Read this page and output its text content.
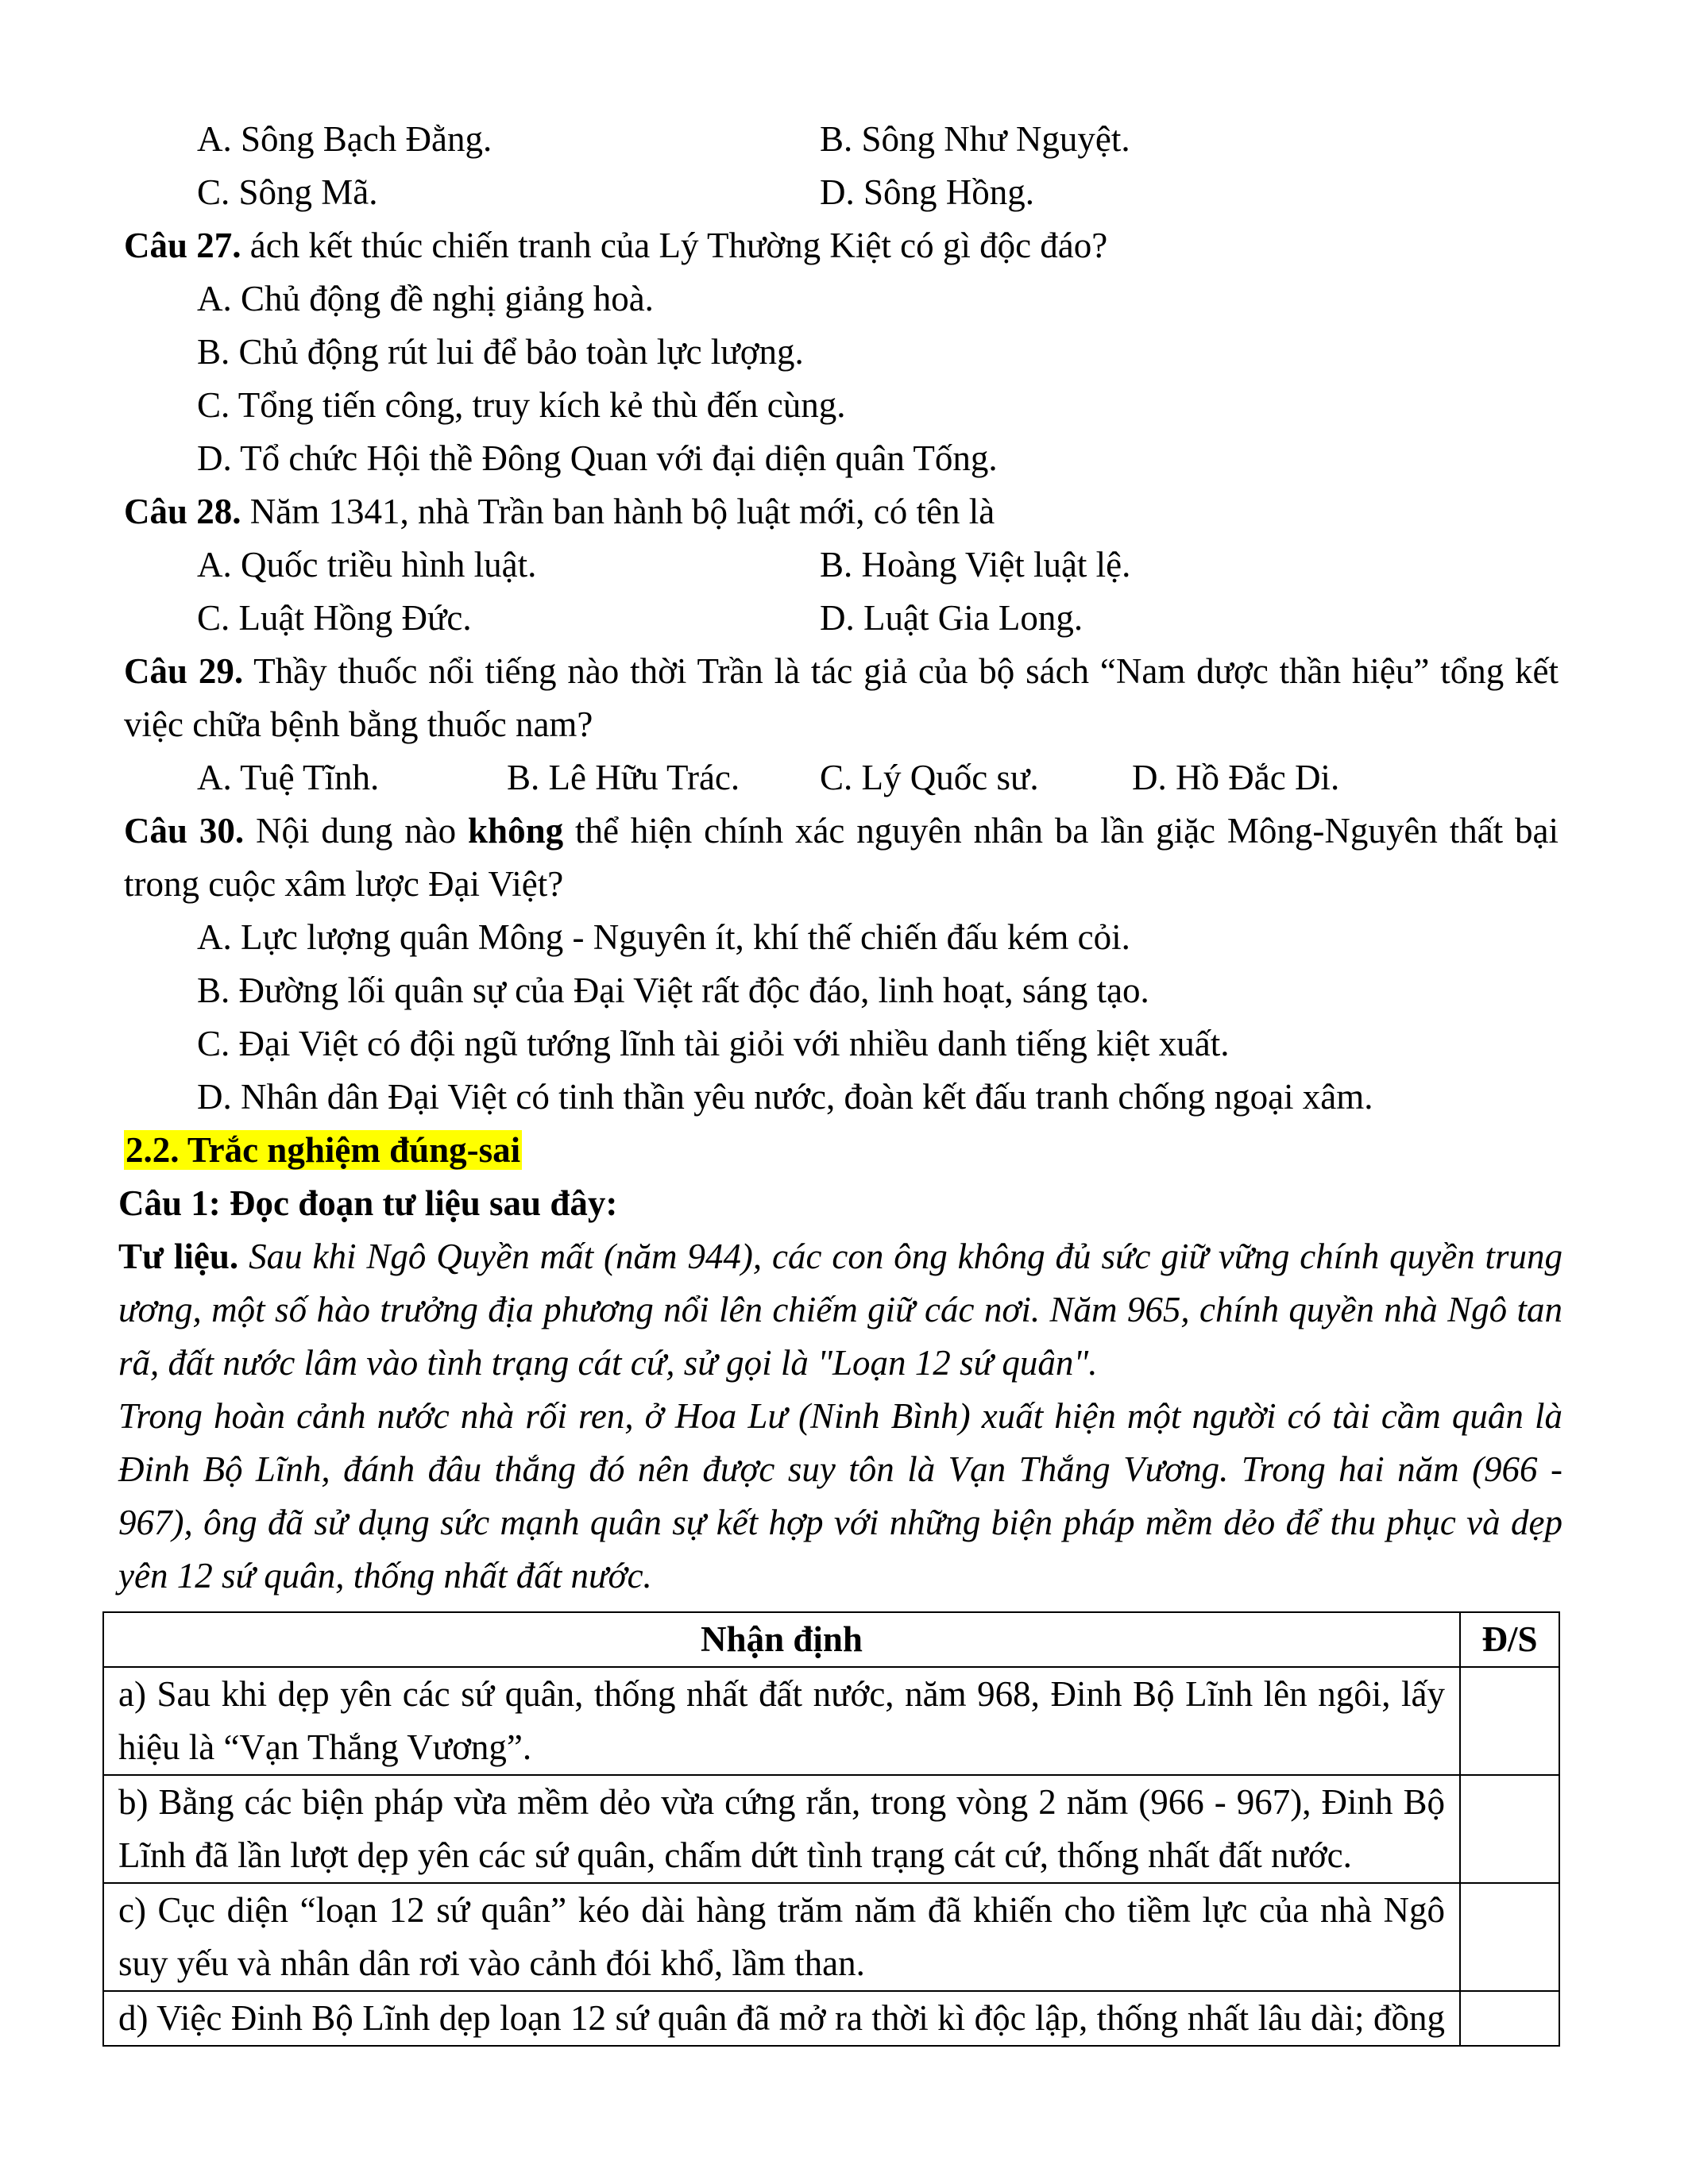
A. Sông Bạch Đằng.	B. Sông Như Nguyệt.
C. Sông Mã.	D. Sông Hồng.
Câu 27. ách kết thúc chiến tranh của Lý Thường Kiệt có gì độc đáo?
A. Chủ động đề nghị giảng hoà.
B. Chủ động rút lui để bảo toàn lực lượng.
C. Tổng tiến công, truy kích kẻ thù đến cùng.
D. Tổ chức Hội thề Đông Quan với đại diện quân Tống.
Câu 28. Năm 1341, nhà Trần ban hành bộ luật mới, có tên là
A. Quốc triều hình luật.	B. Hoàng Việt luật lệ.
C. Luật Hồng Đức.	D. Luật Gia Long.
Câu 29. Thầy thuốc nổi tiếng nào thời Trần là tác giả của bộ sách “Nam dược thần hiệu” tổng kết
việc chữa bệnh bằng thuốc nam?
A. Tuệ Tĩnh.	B. Lê Hữu Trác. C. Lý Quốc sư.	D. Hồ Đắc Di.
Câu 30. Nội dung nào không thể hiện chính xác nguyên nhân ba lần giặc Mông-Nguyên thất bại
trong cuộc xâm lược Đại Việt?
A. Lực lượng quân Mông - Nguyên ít, khí thế chiến đấu kém cỏi.
B. Đường lối quân sự của Đại Việt rất độc đáo, linh hoạt, sáng tạo.
C. Đại Việt có đội ngũ tướng lĩnh tài giỏi với nhiều danh tiếng kiệt xuất.
D. Nhân dân Đại Việt có tinh thần yêu nước, đoàn kết đấu tranh chống ngoại xâm.
2.2. Trắc nghiệm đúng-sai
Câu 1: Đọc đoạn tư liệu sau đây:
Tư liệu. Sau khi Ngô Quyền mất (năm 944), các con ông không đủ sức giữ vững chính quyền trung
ương, một số hào trưởng địa phương nổi lên chiếm giữ các nơi. Năm 965, chính quyền nhà Ngô tan
rã, đất nước lâm vào tình trạng cát cứ, sử gọi là "Loạn 12 sứ quân".
Trong hoàn cảnh nước nhà rối ren, ở Hoa Lư (Ninh Bình) xuất hiện một người có tài cầm quân là
Đinh Bộ Lĩnh, đánh đâu thắng đó nên được suy tôn là Vạn Thắng Vương. Trong hai năm (966 -
967), ông đã sử dụng sức mạnh quân sự kết hợp với những biện pháp mềm dẻo để thu phục và dẹp
yên 12 sứ quân, thống nhất đất nước.
Nhận định	Đ/S

a) Sau khi dẹp yên các sứ quân, thống nhất đất nước, năm 968, Đinh Bộ Lĩnh lên ngôi, lấy
hiệu là “Vạn Thắng Vương”.	

b) Bằng các biện pháp vừa mềm dẻo vừa cứng rắn, trong vòng 2 năm (966 - 967), Đinh Bộ
Lĩnh đã lần lượt dẹp yên các sứ quân, chấm dứt tình trạng cát cứ, thống nhất đất nước.	

c) Cục diện “loạn 12 sứ quân” kéo dài hàng trăm năm đã khiến cho tiềm lực của nhà Ngô
suy yếu và nhân dân rơi vào cảnh đói khổ, lầm than.	

d) Việc Đinh Bộ Lĩnh dẹp loạn 12 sứ quân đã mở ra thời kì độc lập, thống nhất lâu dài; đồng	
